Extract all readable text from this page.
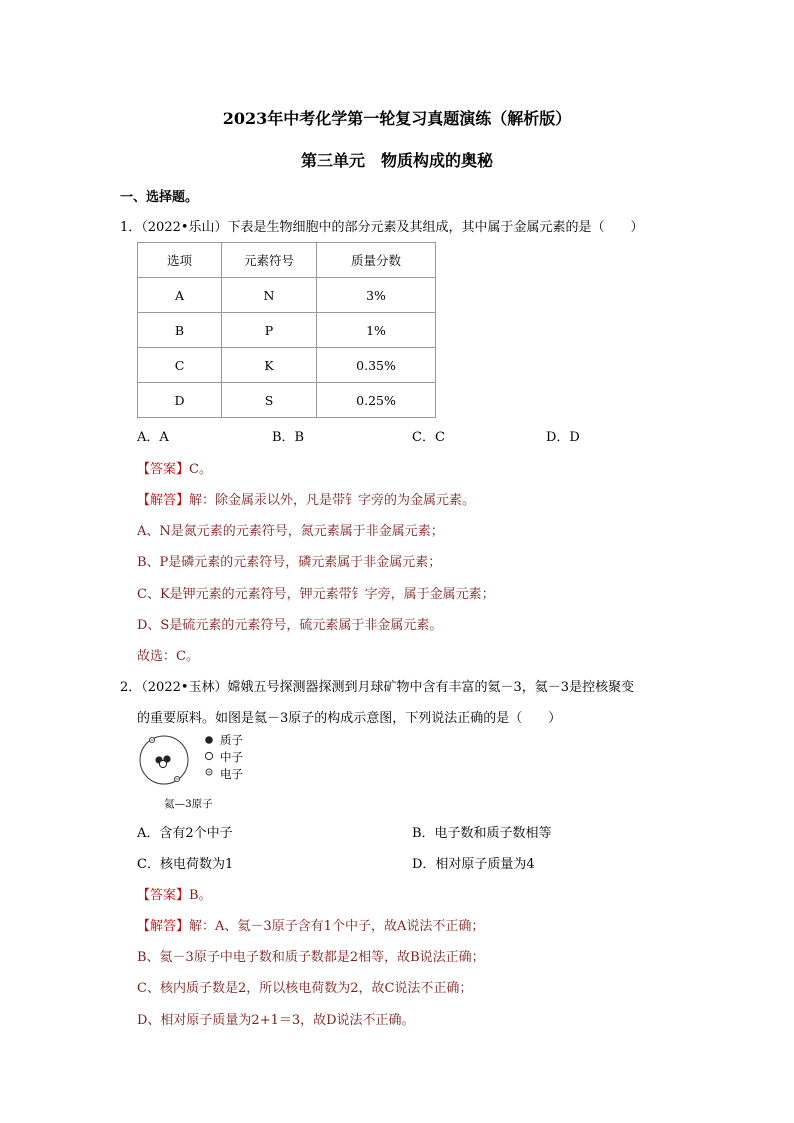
2023年中考化学第一轮复习真题演练（解析版）
第三单元　物质构成的奥秘
一、选择题。
1．（2022•乐山）下表是生物细胞中的部分元素及其组成，其中属于金属元素的是（　　）
选项	元素符号	质量分数
A	N	3%
B	P	1%
C	K	0.35%
D	S	0.25%
A．A	B．B	C．C	D．D
【答案】C。
【解答】解：除金属汞以外，凡是带钅字旁的为金属元素。
A、N是氮元素的元素符号，氮元素属于非金属元素；
B、P是磷元素的元素符号，磷元素属于非金属元素；
C、K是钾元素的元素符号，钾元素带钅字旁，属于金属元素；
D、S是硫元素的元素符号，硫元素属于非金属元素。
故选：C。
2．（2022•玉林）嫦娥五号探测器探测到月球矿物中含有丰富的氦－3，氦－3是控核聚变
的重要原料。如图是氦－3原子的构成示意图，下列说法正确的是（　　）
质子
中子
电子
氦—3原子
A．含有2个中子	B．电子数和质子数相等
C．核电荷数为1	D．相对原子质量为4
【答案】B。
【解答】解：A、氦－3原子含有1个中子，故A说法不正确；
B、氦－3原子中电子数和质子数都是2相等，故B说法正确；
C、核内质子数是2，所以核电荷数为2，故C说法不正确；
D、相对原子质量为2+1＝3，故D说法不正确。
